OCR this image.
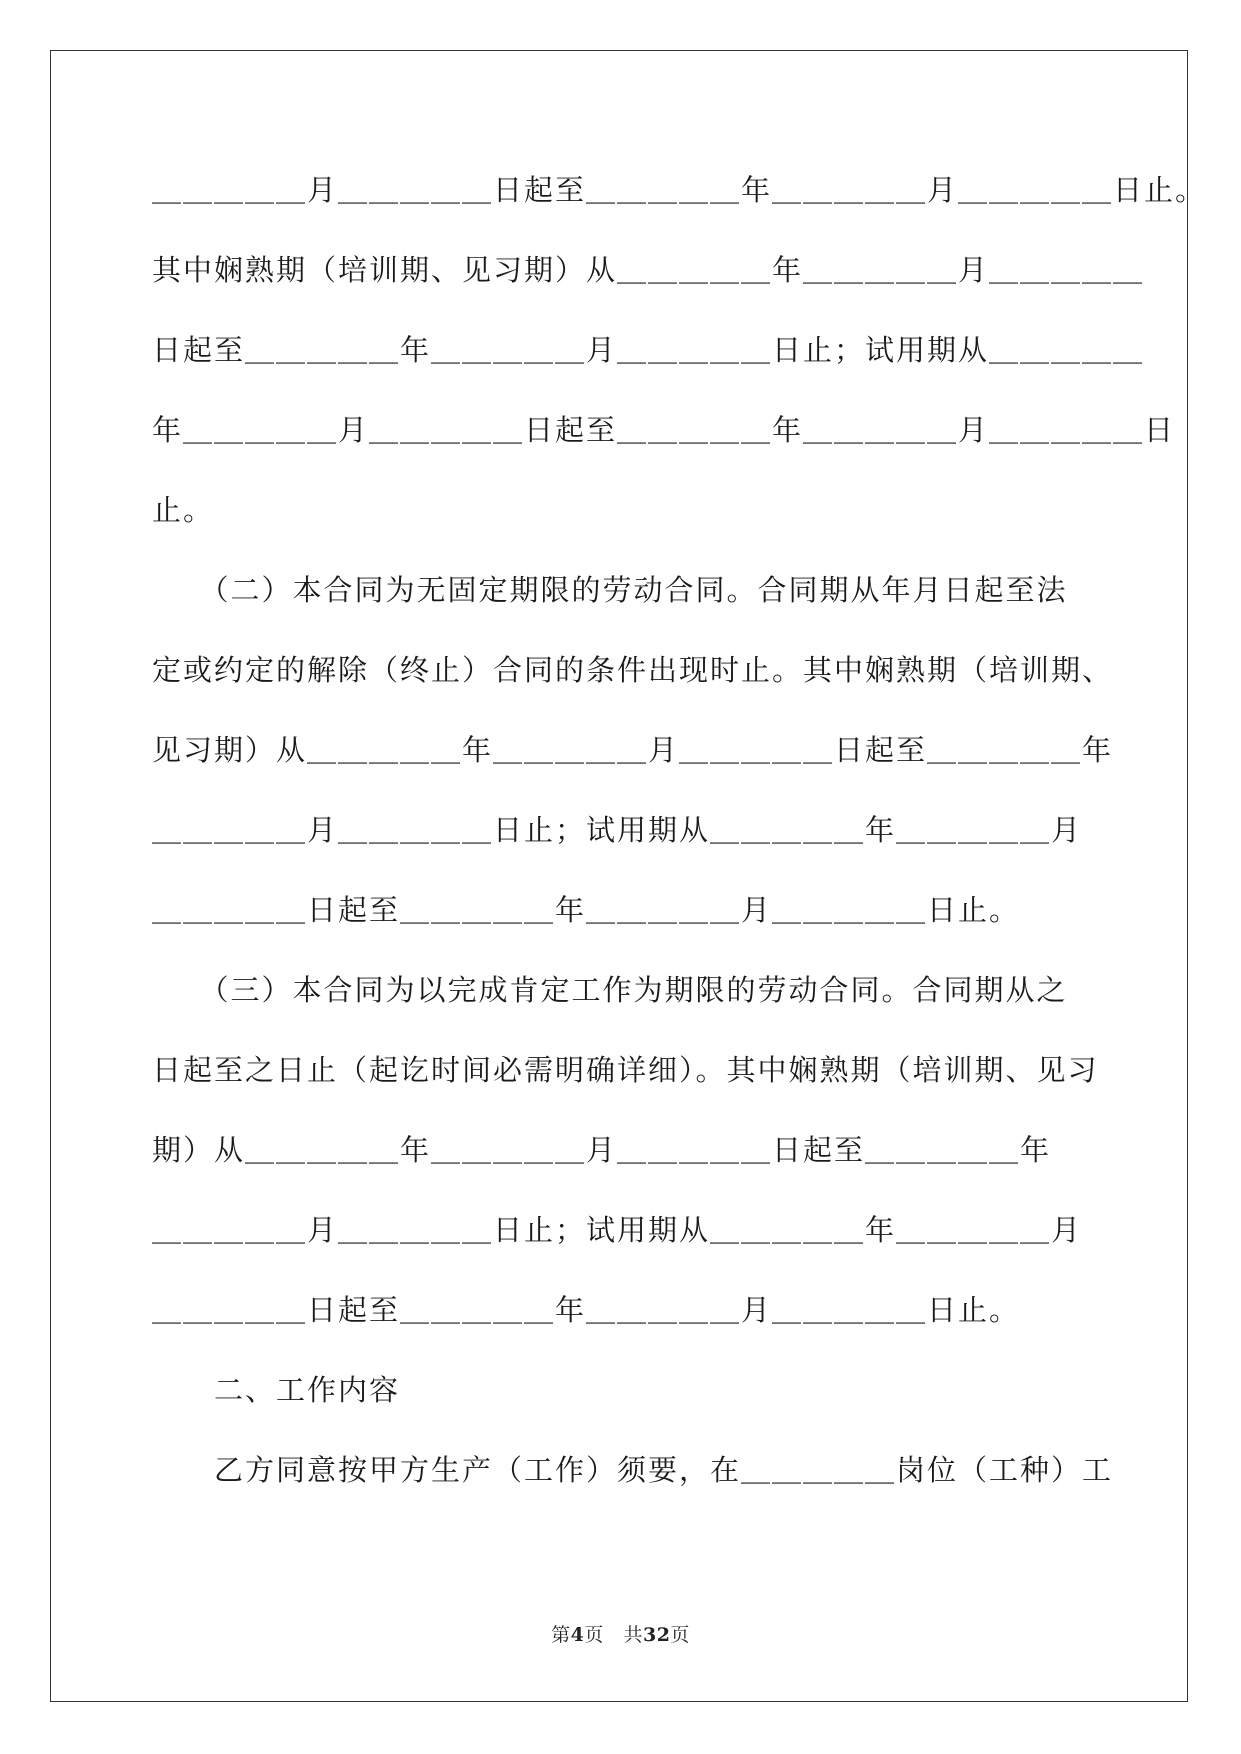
＿＿＿＿＿月＿＿＿＿＿日起至＿＿＿＿＿年＿＿＿＿＿月＿＿＿＿＿日止。
其中娴熟期（培训期、见习期）从＿＿＿＿＿年＿＿＿＿＿月＿＿＿＿＿
日起至＿＿＿＿＿年＿＿＿＿＿月＿＿＿＿＿日止；试用期从＿＿＿＿＿
年＿＿＿＿＿月＿＿＿＿＿日起至＿＿＿＿＿年＿＿＿＿＿月＿＿＿＿＿日
止。
　　（二）本合同为无固定期限的劳动合同。合同期从年月日起至法
定或约定的解除（终止）合同的条件出现时止。其中娴熟期（培训期、
见习期）从＿＿＿＿＿年＿＿＿＿＿月＿＿＿＿＿日起至＿＿＿＿＿年
＿＿＿＿＿月＿＿＿＿＿日止；试用期从＿＿＿＿＿年＿＿＿＿＿月
＿＿＿＿＿日起至＿＿＿＿＿年＿＿＿＿＿月＿＿＿＿＿日止。
　　（三）本合同为以完成肯定工作为期限的劳动合同。合同期从之
日起至之日止（起讫时间必需明确详细）。其中娴熟期（培训期、见习
期）从＿＿＿＿＿年＿＿＿＿＿月＿＿＿＿＿日起至＿＿＿＿＿年
＿＿＿＿＿月＿＿＿＿＿日止；试用期从＿＿＿＿＿年＿＿＿＿＿月
＿＿＿＿＿日起至＿＿＿＿＿年＿＿＿＿＿月＿＿＿＿＿日止。
　　二、工作内容
　　乙方同意按甲方生产（工作）须要，在＿＿＿＿＿岗位（工种）工
第4页 共32页
